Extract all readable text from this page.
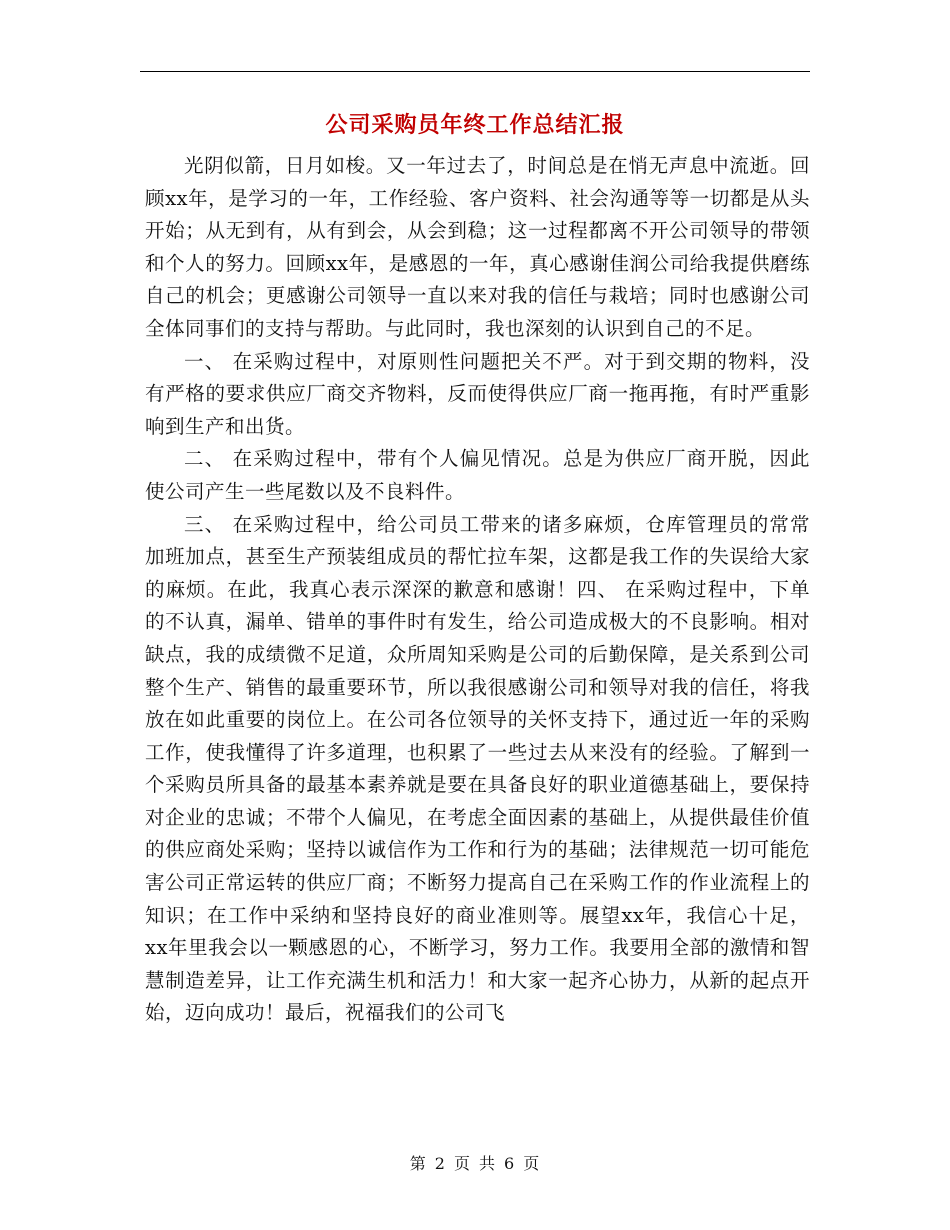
公司采购员年终工作总结汇报

光阴似箭，日月如梭。又一年过去了，时间总是在悄无声息中流逝。回顾xx年，是学习的一年，工作经验、客户资料、社会沟通等等一切都是从头开始；从无到有，从有到会，从会到稳；这一过程都离不开公司领导的带领和个人的努力。回顾xx年，是感恩的一年，真心感谢佳润公司给我提供磨练自己的机会；更感谢公司领导一直以来对我的信任与栽培；同时也感谢公司全体同事们的支持与帮助。与此同时，我也深刻的认识到自己的不足。

一、 在采购过程中，对原则性问题把关不严。对于到交期的物料，没有严格的要求供应厂商交齐物料，反而使得供应厂商一拖再拖，有时严重影响到生产和出货。

二、 在采购过程中，带有个人偏见情况。总是为供应厂商开脱，因此使公司产生一些尾数以及不良料件。

三、 在采购过程中，给公司员工带来的诸多麻烦，仓库管理员的常常加班加点，甚至生产预装组成员的帮忙拉车架，这都是我工作的失误给大家的麻烦。在此，我真心表示深深的歉意和感谢！四、 在采购过程中，下单的不认真，漏单、错单的事件时有发生，给公司造成极大的不良影响。相对缺点，我的成绩微不足道，众所周知采购是公司的后勤保障，是关系到公司整个生产、销售的最重要环节，所以我很感谢公司和领导对我的信任，将我放在如此重要的岗位上。在公司各位领导的关怀支持下，通过近一年的采购工作，使我懂得了许多道理，也积累了一些过去从来没有的经验。了解到一个采购员所具备的最基本素养就是要在具备良好的职业道德基础上，要保持对企业的忠诚；不带个人偏见，在考虑全面因素的基础上，从提供最佳价值的供应商处采购；坚持以诚信作为工作和行为的基础；法律规范一切可能危害公司正常运转的供应厂商；不断努力提高自己在采购工作的作业流程上的知识；在工作中采纳和坚持良好的商业准则等。展望xx年，我信心十足，xx年里我会以一颗感恩的心，不断学习，努力工作。我要用全部的激情和智慧制造差异，让工作充满生机和活力！和大家一起齐心协力，从新的起点开始，迈向成功！最后，祝福我们的公司飞

第 2 页 共 6 页
